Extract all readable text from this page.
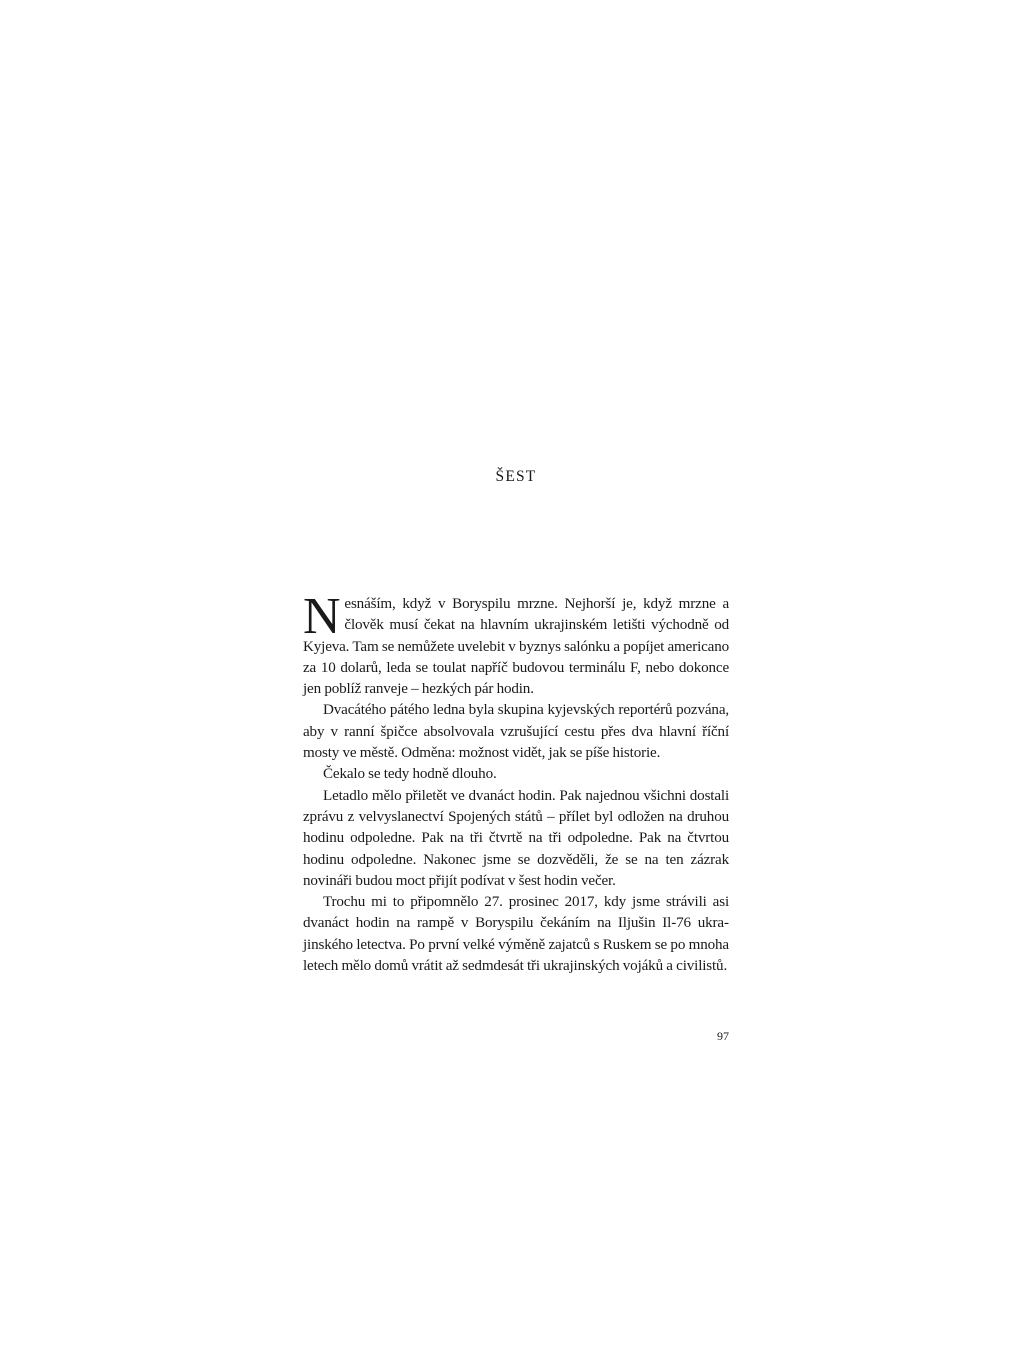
ŠEST

Nesnáším, když v Boryspilu mrzne. Nejhorší je, když mrzne a člověk musí čekat na hlavním ukrajinském letišti východně od Kyjeva. Tam se nemůžete uvelebit v byznys salónku a popíjet americano za 10 dolarů, leda se toulat napříč budovou terminálu F, nebo dokonce jen poblíž ranveje – hezkých pár hodin.

Dvacátého pátého ledna byla skupina kyjevských reportérů pozvána, aby v ranní špičce absolvovala vzrušující cestu přes dva hlavní říční mosty ve městě. Odměna: možnost vidět, jak se píše historie.

Čekalo se tedy hodně dlouho.

Letadlo mělo přiletět ve dvanáct hodin. Pak najednou všichni dostali zprávu z velvyslanectví Spojených států – přílet byl odložen na druhou hodinu odpoledne. Pak na tři čtvrtě na tři odpoledne. Pak na čtvrtou hodinu odpoledne. Nakonec jsme se dozvěděli, že se na ten zázrak novináři budou moct přijít podívat v šest hodin večer.

Trochu mi to připomnělo 27. prosinec 2017, kdy jsme strávili asi dvanáct hodin na rampě v Boryspilu čekáním na Iljušin Il-76 ukrajinského letectva. Po první velké výměně zajatců s Ruskem se po mnoha letech mělo domů vrátit až sedmdesát tři ukrajinských vojáků a civilistů.

97
